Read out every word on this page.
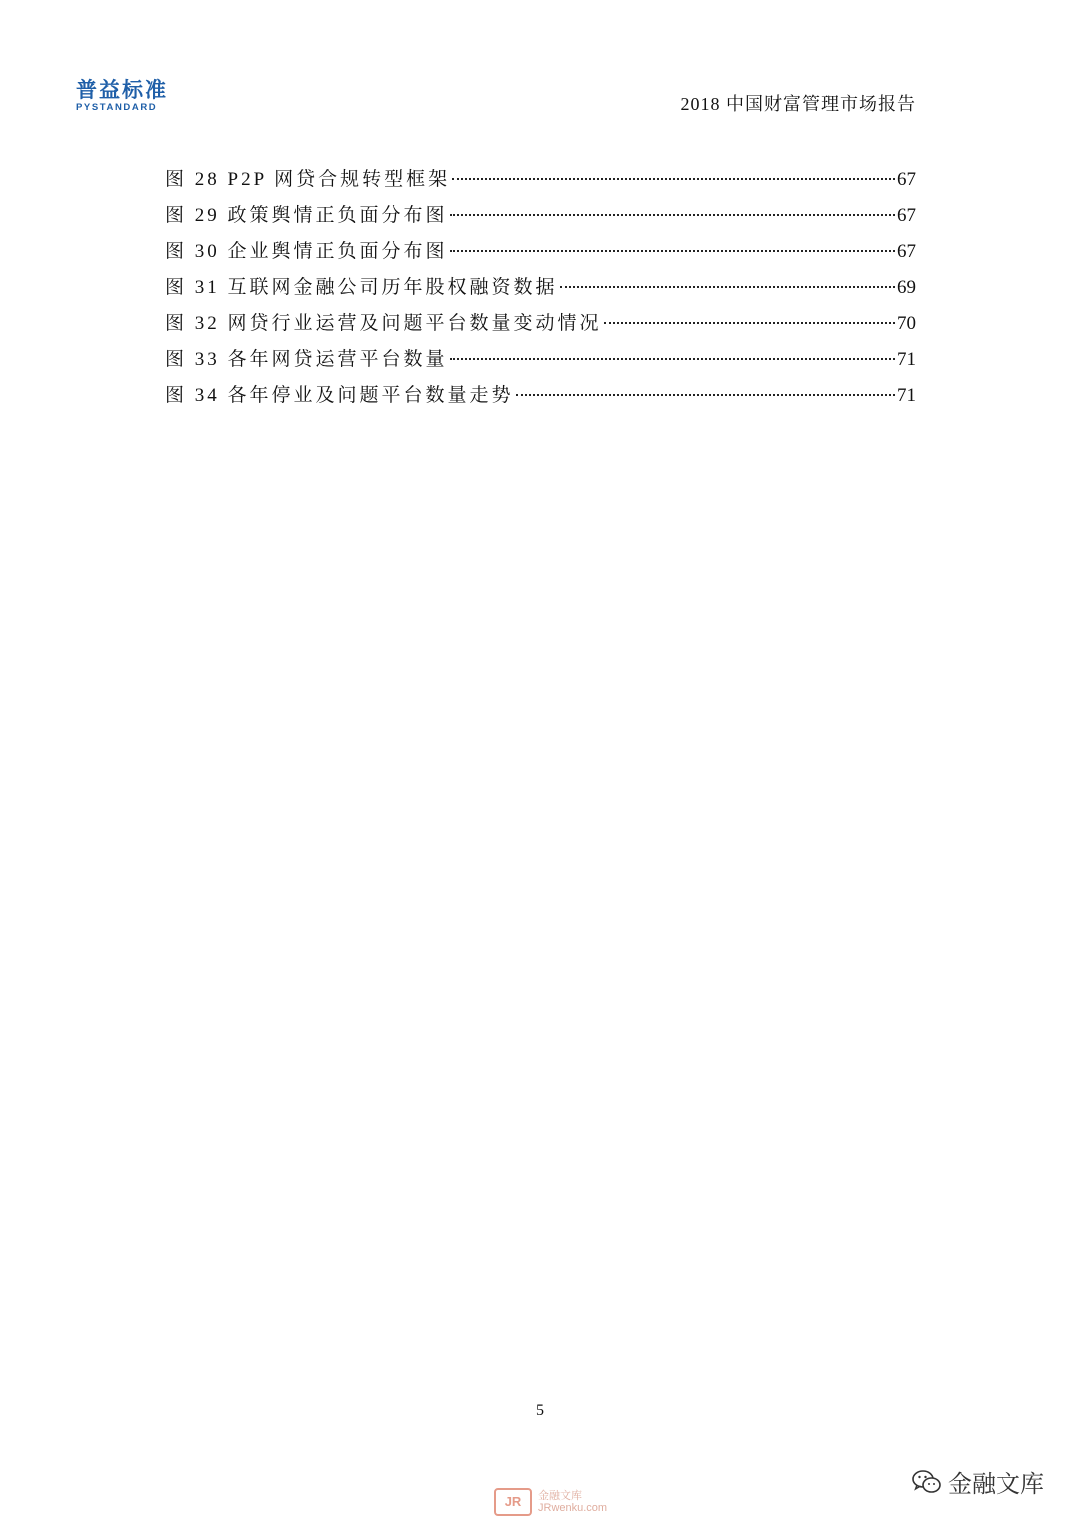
普益标准
PYSTANDARD	2018 中国财富管理市场报告
图 28 P2P 网贷合规转型框架	67
图 29 政策舆情正负面分布图	67
图 30 企业舆情正负面分布图	67
图 31 互联网金融公司历年股权融资数据	69
图 32 网贷行业运营及问题平台数量变动情况	70
图 33 各年网贷运营平台数量	71
图 34 各年停业及问题平台数量走势	71
5
JR	金融文库
JRwenku.com
金融文库
